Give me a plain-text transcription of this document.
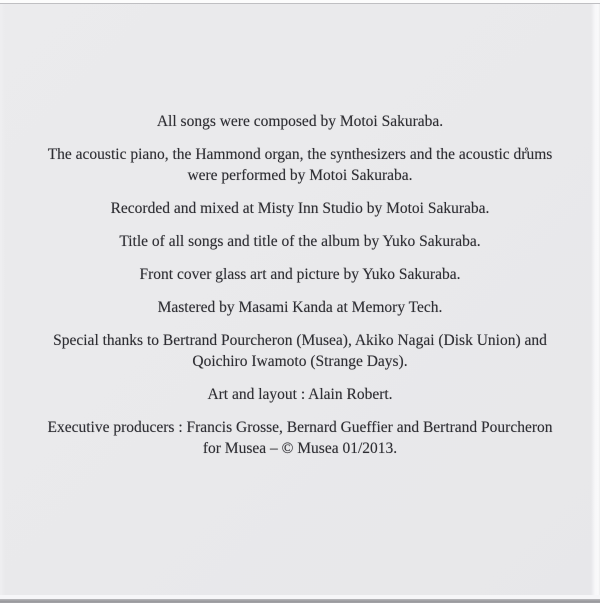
All songs were composed by Motoi Sakuraba.

The acoustic piano, the Hammond organ, the synthesizers and the acoustic dr̊ums
were performed by Motoi Sakuraba.

Recorded and mixed at Misty Inn Studio by Motoi Sakuraba.

Title of all songs and title of the album by Yuko Sakuraba.

Front cover glass art and picture by Yuko Sakuraba.

Mastered by Masami Kanda at Memory Tech.

Special thanks to Bertrand Pourcheron (Musea), Akiko Nagai (Disk Union) and
Qoichiro Iwamoto (Strange Days).

Art and layout : Alain Robert.

Executive producers : Francis Grosse, Bernard Gueffier and Bertrand Pourcheron
for Musea – © Musea 01/2013.
